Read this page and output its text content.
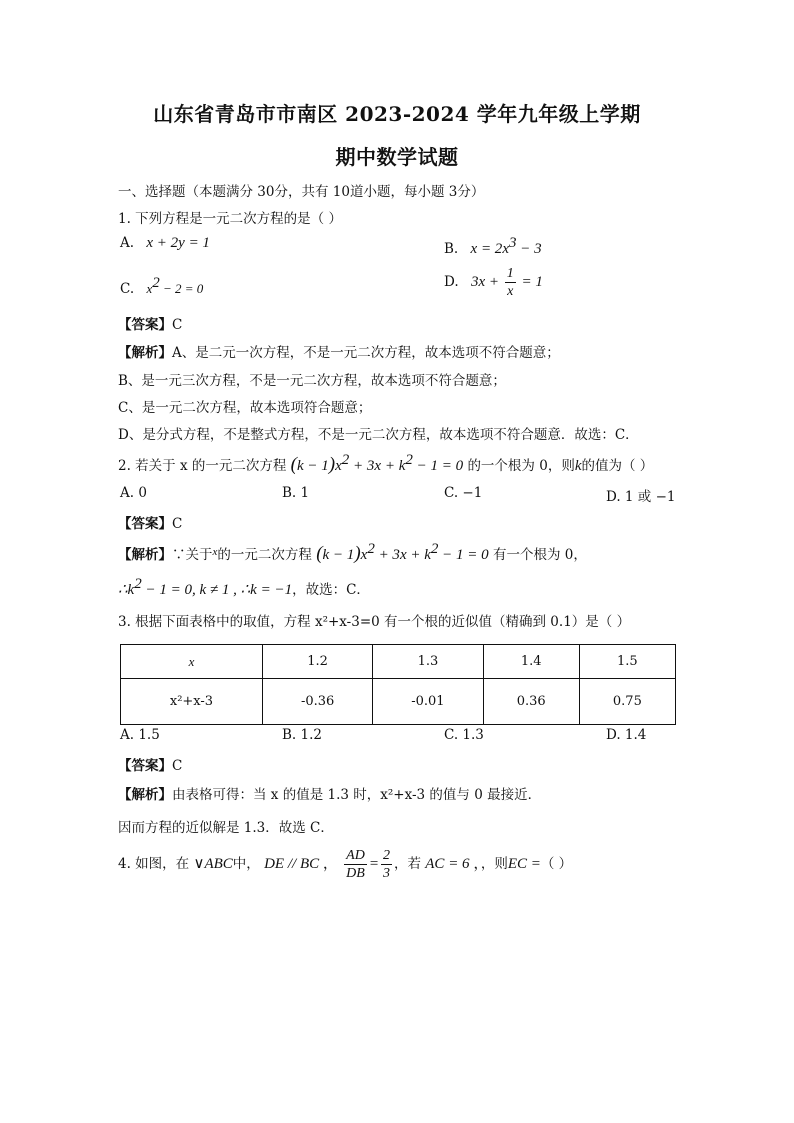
山东省青岛市市南区 2023-2024 学年九年级上学期
期中数学试题
一、选择题（本题满分 30分，共有 10道小题，每小题 3分）
1. 下列方程是一元二次方程的是（ ）
A. x + 2y = 1	B. $x = 2x^3 - 3$
C. $x^2 - 2 = 0$	D. $3x + \frac{1}{x} = 1$
【答案】C
【解析】A、是二元一次方程，不是一元二次方程，故本选项不符合题意；
B、是一元三次方程，不是一元二次方程，故本选项不符合题意；
C、是一元二次方程，故本选项符合题意；
D、是分式方程，不是整式方程，不是一元二次方程，故本选项不符合题意．故选：C．
2. 若关于 x 的一元二次方程 $(k - 1)x^2 + 3x + k^2 - 1 = 0$ 的一个根为 0，则k的值为（ ）
A. 0	B. 1	C. −1	D. 1 或 −1
【答案】C
【解析】∵关于$^x$的一元二次方程 $(k - 1)x^2 + 3x + k^2 - 1 = 0$ 有一个根为 0，
$\therefore k^2 - 1 = 0$, k ≠ 1 , ∴k = −1，故选：C．
3. 根据下面表格中的取值，方程 x²+x-3=0 有一个根的近似值（精确到 0.1）是（ ）
x	1.2	1.3	1.4	1.5
x²+x-3	-0.36	-0.01	0.36	0.75
A. 1.5	B. 1.2	C. 1.3	D. 1.4
【答案】C
【解析】由表格可得：当 x 的值是 1.3 时，x²+x-3 的值与 0 最接近．
因而方程的近似解是 1.3．故选 C．
4. 如图，在 ∨ABC中， DE // BC ， $\frac{AD}{DB} = \frac{2}{3}$ ，若 AC = 6 ，，则EC =（ ）
